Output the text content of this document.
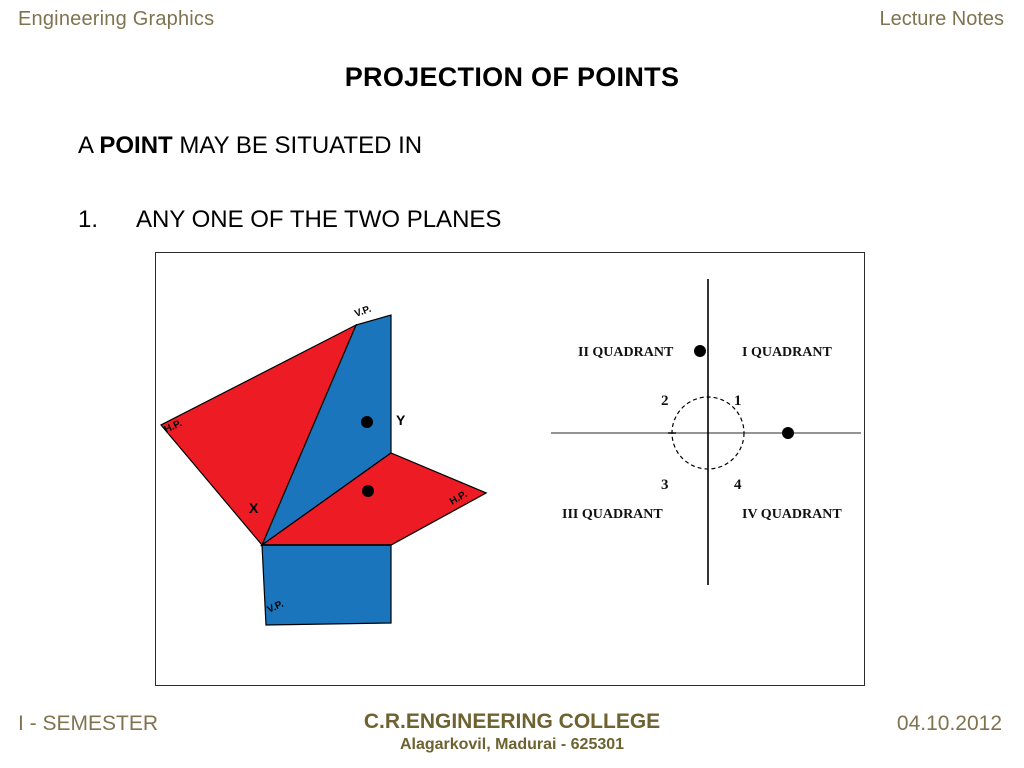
Engineering Graphics	Lecture Notes
PROJECTION OF POINTS
A POINT MAY BE SITUATED IN
1. ANY ONE OF THE TWO PLANES
V.P.
H.P.
H.P.
V.P.
X
Y
II QUADRANT	I QUADRANT
III QUADRANT	IV QUADRANT
2	1
3	4
I - SEMESTER	C.R.ENGINEERING COLLEGE
Alagarkovil, Madurai - 625301
04.10.2012
